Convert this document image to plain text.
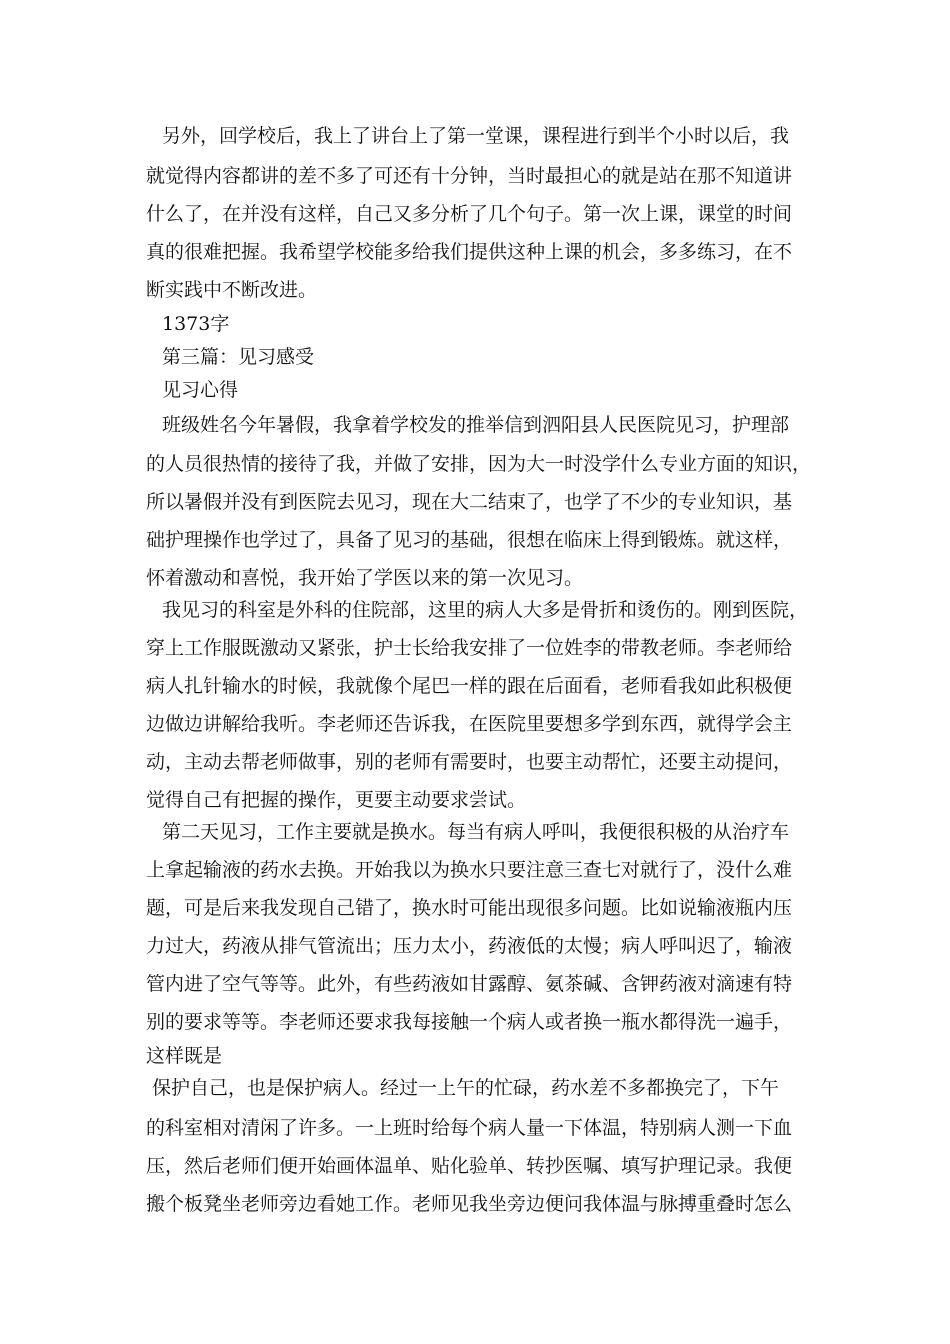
另外，回学校后，我上了讲台上了第一堂课，课程进行到半个小时以后，我
就觉得内容都讲的差不多了可还有十分钟，当时最担心的就是站在那不知道讲
什么了，在并没有这样，自己又多分析了几个句子。第一次上课，课堂的时间
真的很难把握。我希望学校能多给我们提供这种上课的机会，多多练习，在不
断实践中不断改进。
1373字
第三篇：见习感受
见习心得
班级姓名今年暑假，我拿着学校发的推举信到泗阳县人民医院见习，护理部
的人员很热情的接待了我，并做了安排，因为大一时没学什么专业方面的知识，
所以暑假并没有到医院去见习，现在大二结束了，也学了不少的专业知识，基
础护理操作也学过了，具备了见习的基础，很想在临床上得到锻炼。就这样，
怀着激动和喜悦，我开始了学医以来的第一次见习。
我见习的科室是外科的住院部，这里的病人大多是骨折和烫伤的。刚到医院，
穿上工作服既激动又紧张，护士长给我安排了一位姓李的带教老师。李老师给
病人扎针输水的时候，我就像个尾巴一样的跟在后面看，老师看我如此积极便
边做边讲解给我听。李老师还告诉我，在医院里要想多学到东西，就得学会主
动，主动去帮老师做事，别的老师有需要时，也要主动帮忙，还要主动提问，
觉得自己有把握的操作，更要主动要求尝试。
第二天见习，工作主要就是换水。每当有病人呼叫，我便很积极的从治疗车
上拿起输液的药水去换。开始我以为换水只要注意三查七对就行了，没什么难
题，可是后来我发现自己错了，换水时可能出现很多问题。比如说输液瓶内压
力过大，药液从排气管流出；压力太小，药液低的太慢；病人呼叫迟了，输液
管内进了空气等等。此外，有些药液如甘露醇、氨茶碱、含钾药液对滴速有特
别的要求等等。李老师还要求我每接触一个病人或者换一瓶水都得洗一遍手，
这样既是
保护自己，也是保护病人。经过一上午的忙碌，药水差不多都换完了，下午
的科室相对清闲了许多。一上班时给每个病人量一下体温，特别病人测一下血
压，然后老师们便开始画体温单、贴化验单、转抄医嘱、填写护理记录。我便
搬个板凳坐老师旁边看她工作。老师见我坐旁边便问我体温与脉搏重叠时怎么
